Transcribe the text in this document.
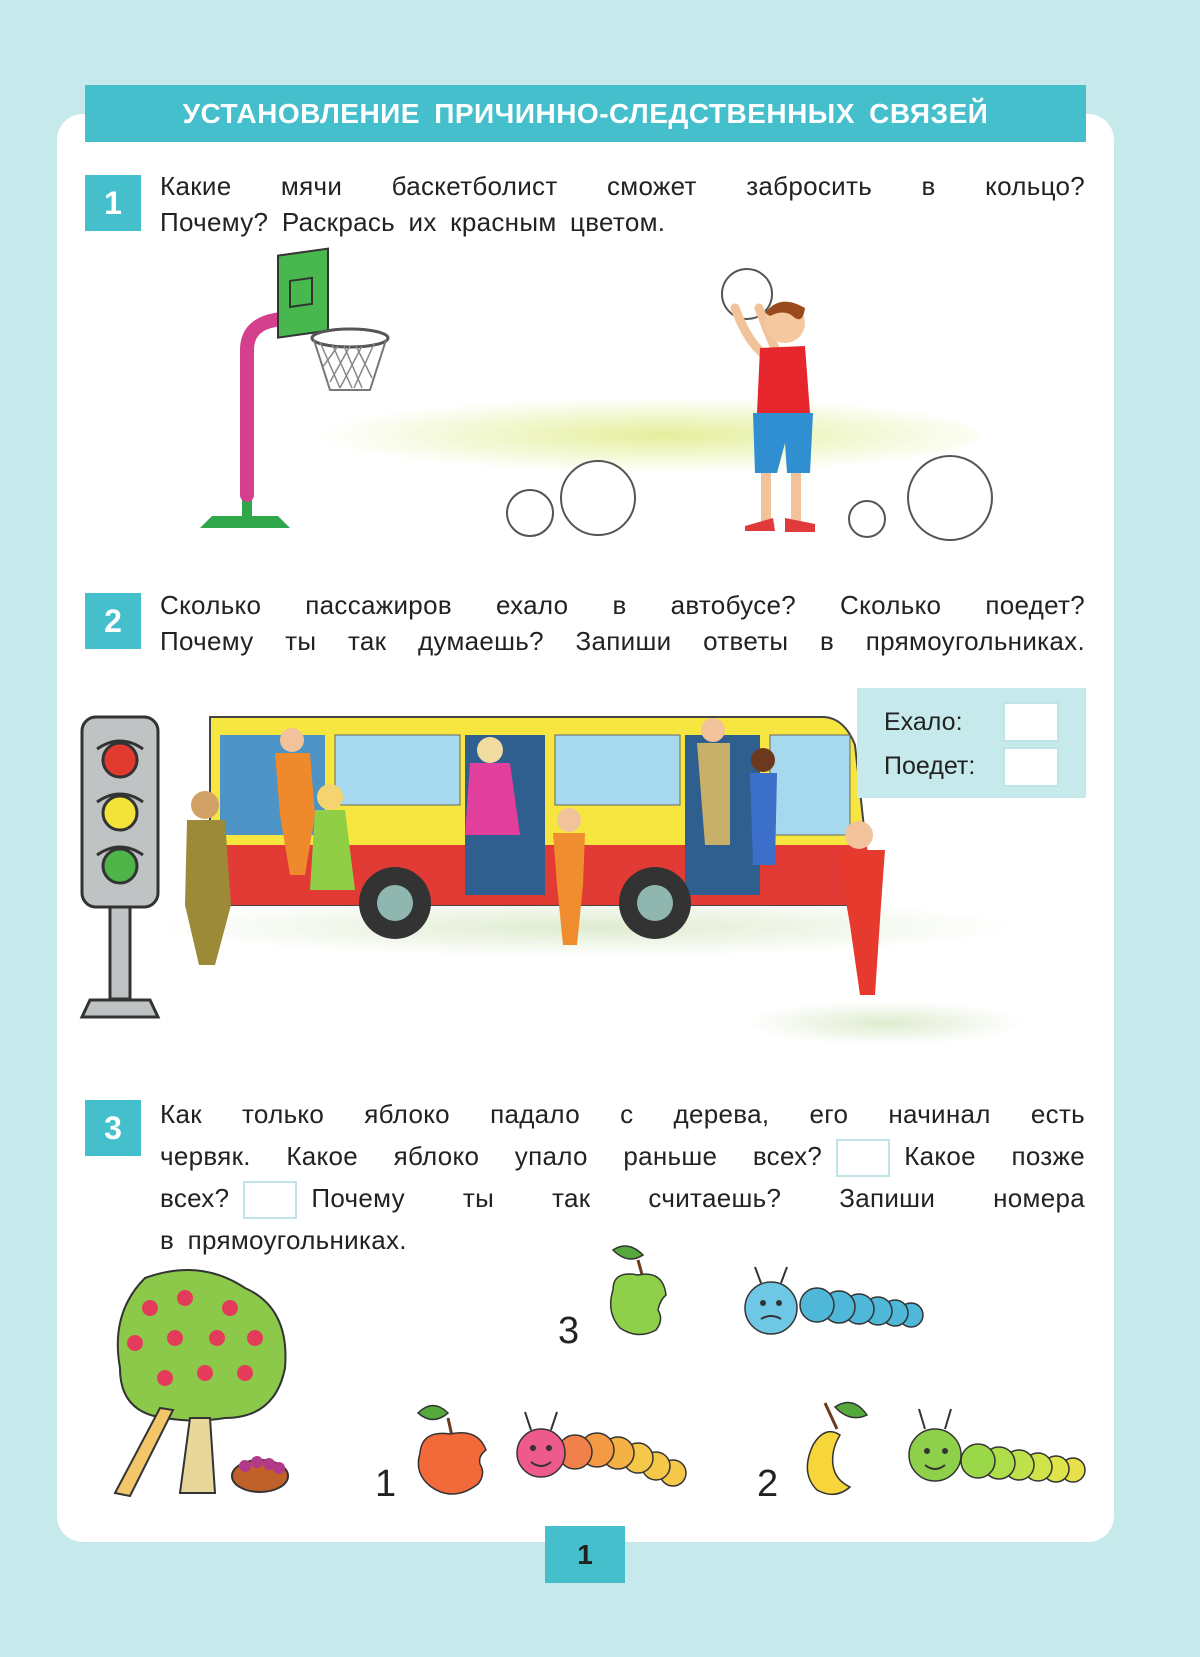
УСТАНОВЛЕНИЕ ПРИЧИННО-СЛЕДСТВЕННЫХ СВЯЗЕЙ
1	Какие мячи баскетболист сможет забросить в кольцо?
Почему? Раскрась их красным цветом.
2	Сколько пассажиров ехало в автобусе? Сколько поедет?
Почему ты так думаешь? Запиши ответы в прямоугольниках.
Ехало:
Поедет:
3	Как только яблоко падало с дерева, его начинал есть
червяк. Какое яблоко упало раньше всех?	Какое позже
всех?	Почему ты так считаешь? Запиши номера
в прямоугольниках.
3
1	2
1
